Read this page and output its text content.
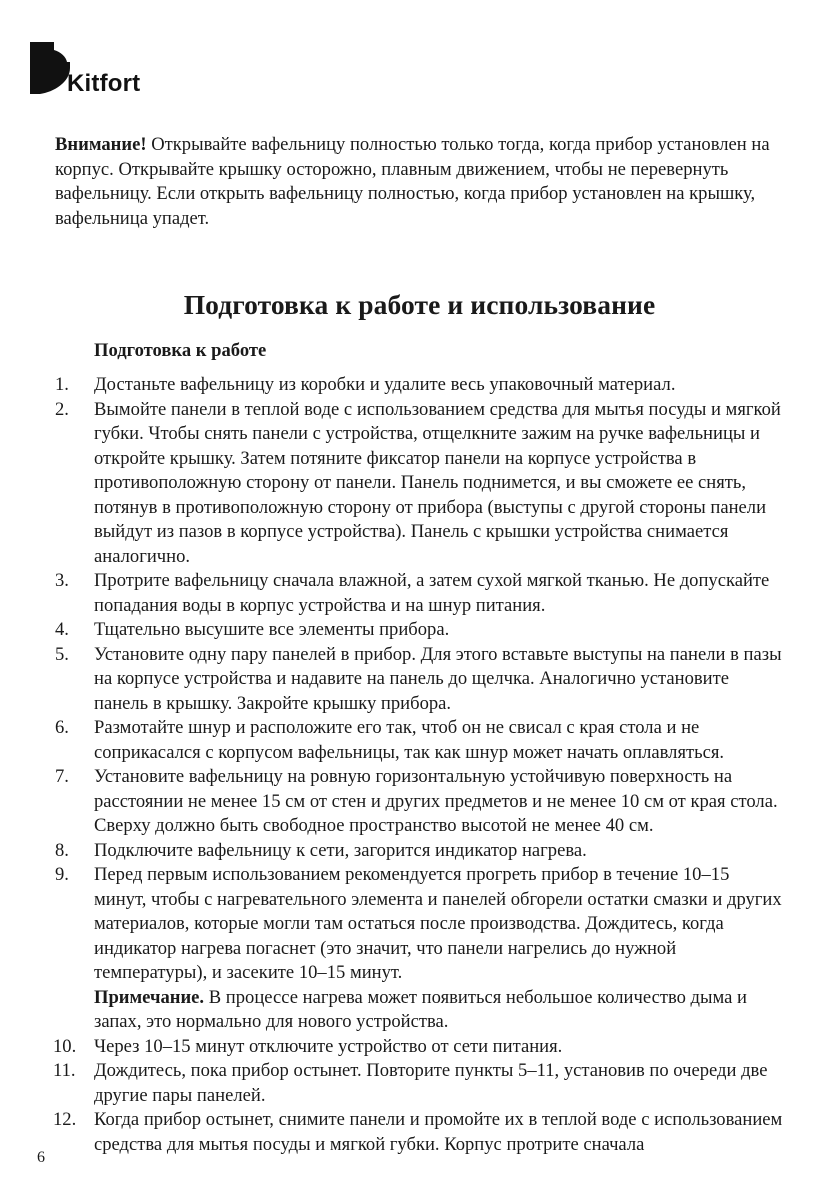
Kitfort

Внимание! Открывайте вафельницу полностью только тогда, когда прибор установлен на корпус. Открывайте крышку осторожно, плавным движением, чтобы не перевернуть вафельницу. Если открыть вафельницу полностью, когда прибор установлен на крышку, вафельница упадет.

Подготовка к работе и использование
Подготовка к работе
1.	Достаньте вафельницу из коробки и удалите весь упаковочный материал.
2.	Вымойте панели в теплой воде с использованием средства для мытья посуды и мягкой губки. Чтобы снять панели с устройства, отщелкните зажим на ручке вафельницы и откройте крышку. Затем потяните фиксатор панели на корпусе устройства в противоположную сторону от панели. Панель поднимется, и вы сможете ее снять, потянув в противоположную сторону от прибора (выступы с другой стороны панели выйдут из пазов в корпусе устройства). Панель с крышки устройства снимается аналогично.
3.	Протрите вафельницу сначала влажной, а затем сухой мягкой тканью. Не допускайте попадания воды в корпус устройства и на шнур питания.
4.	Тщательно высушите все элементы прибора.
5.	Установите одну пару панелей в прибор. Для этого вставьте выступы на панели в пазы на корпусе устройства и надавите на панель до щелчка. Аналогично установите панель в крышку. Закройте крышку прибора.
6.	Размотайте шнур и расположите его так, чтоб он не свисал с края стола и не соприкасался с корпусом вафельницы, так как шнур может начать оплавляться.
7.	Установите вафельницу на ровную горизонтальную устойчивую поверхность на расстоянии не менее 15 см от стен и других предметов и не менее 10 см от края стола. Сверху должно быть свободное пространство высотой не менее 40 см.
8.	Подключите вафельницу к сети, загорится индикатор нагрева.
9.	Перед первым использованием рекомендуется прогреть прибор в течение 10–15 минут, чтобы с нагревательного элемента и панелей обгорели остатки смазки и других материалов, которые могли там остаться после производства. Дождитесь, когда индикатор нагрева погаснет (это значит, что панели нагрелись до нужной температуры), и засеките 10–15 минут.
Примечание. В процессе нагрева может появиться небольшое количество дыма и запах, это нормально для нового устройства.
10. Через 10–15 минут отключите устройство от сети питания.
11. Дождитесь, пока прибор остынет. Повторите пункты 5–11, установив по очереди две другие пары панелей.
12. Когда прибор остынет, снимите панели и промойте их в теплой воде с использованием средства для мытья посуды и мягкой губки. Корпус протрите сначала

6
